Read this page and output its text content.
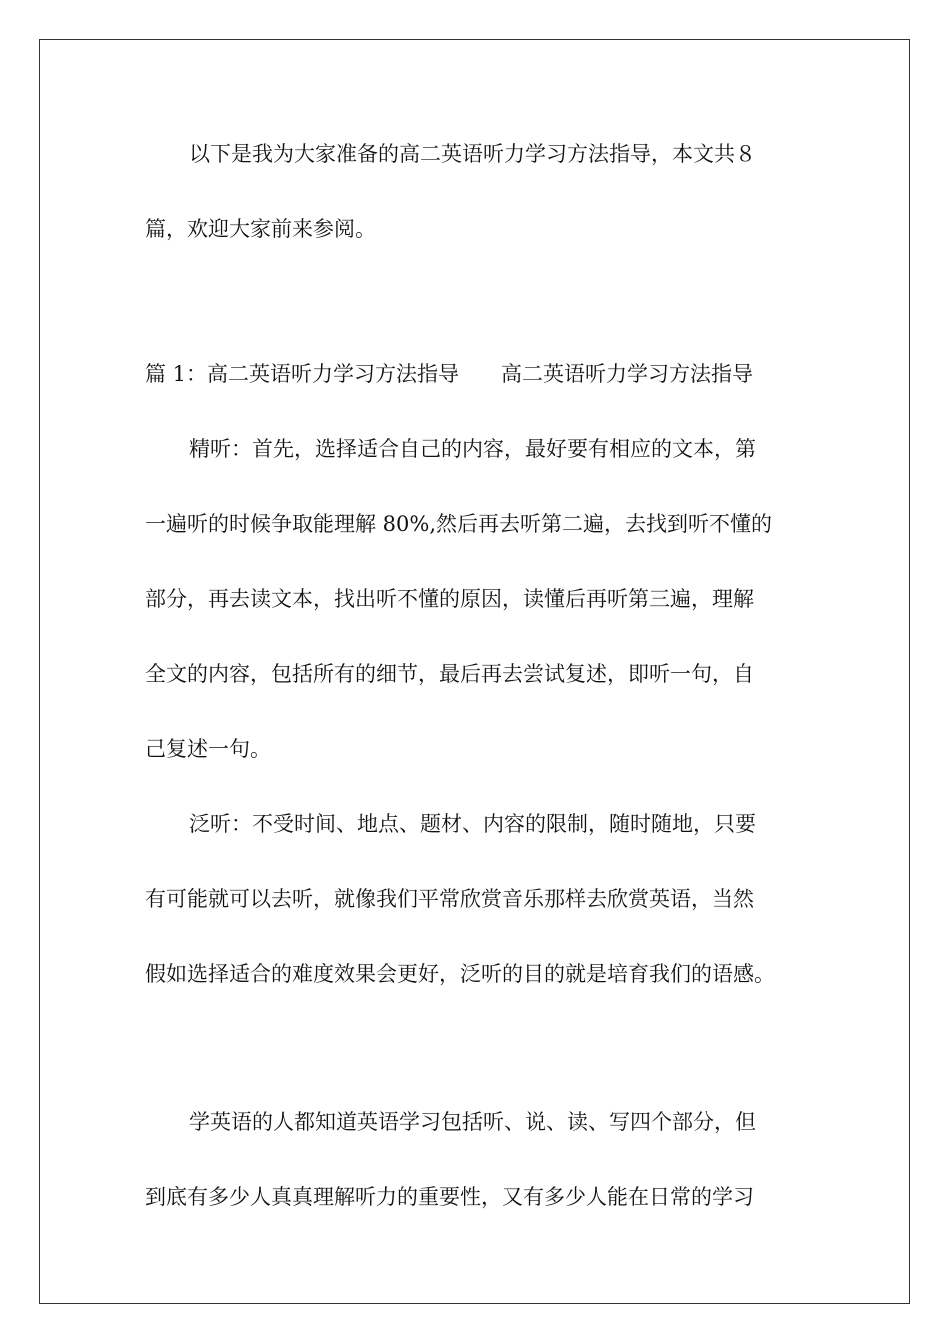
以下是我为大家准备的高二英语听力学习方法指导，本文共８
篇，欢迎大家前来参阅。
篇 1：高二英语听力学习方法指导 高二英语听力学习方法指导
精听：首先，选择适合自己的内容，最好要有相应的文本，第
一遍听的时候争取能理解 80%,然后再去听第二遍，去找到听不懂的
部分，再去读文本，找出听不懂的原因，读懂后再听第三遍，理解
全文的内容，包括所有的细节，最后再去尝试复述，即听一句，自
己复述一句。
泛听：不受时间、地点、题材、内容的限制，随时随地，只要
有可能就可以去听，就像我们平常欣赏音乐那样去欣赏英语，当然
假如选择适合的难度效果会更好，泛听的目的就是培育我们的语感。
学英语的人都知道英语学习包括听、说、读、写四个部分，但
到底有多少人真真理解听力的重要性，又有多少人能在日常的学习
